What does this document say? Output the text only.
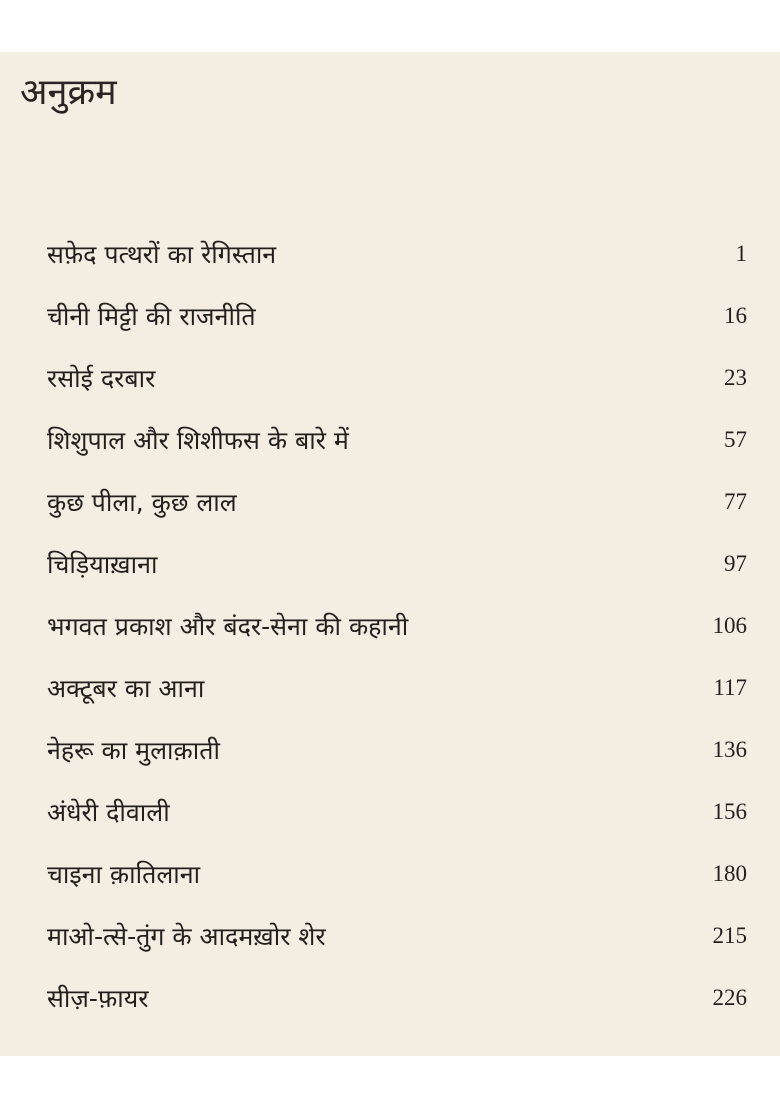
अनुक्रम
सफ़ेद पत्थरों का रेगिस्तान	1
चीनी मिट्टी की राजनीति	16
रसोई दरबार	23
शिशुपाल और शिशीफस के बारे में	57
कुछ पीला, कुछ लाल	77
चिड़ियाख़ाना	97
भगवत प्रकाश और बंदर-सेना की कहानी	106
अक्टूबर का आना	117
नेहरू का मुलाक़ाती	136
अंधेरी दीवाली	156
चाइना क़ातिलाना	180
माओ-त्से-तुंग के आदमख़ोर शेर	215
सीज़-फ़ायर	226
